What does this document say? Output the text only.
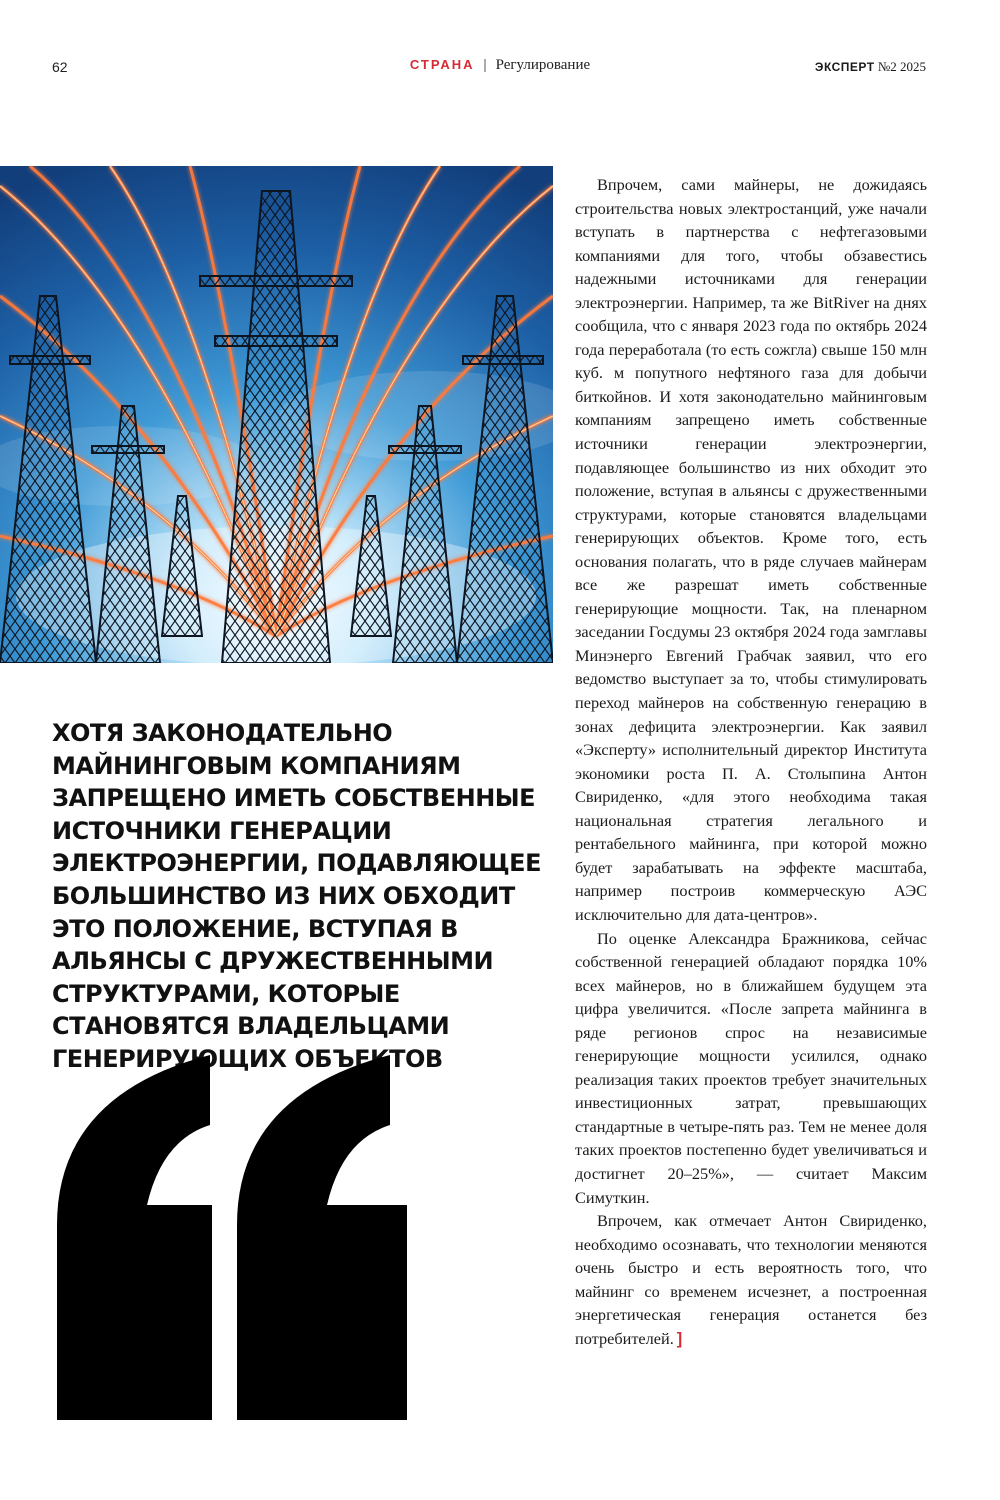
62	СТРАНА | Регулирование	ЭКСПЕРТ №2 2025
ХОТЯ ЗАКОНОДАТЕЛЬНО МАЙНИНГОВЫМ КОМПАНИЯМ ЗАПРЕЩЕНО ИМЕТЬ СОБСТВЕННЫЕ ИСТОЧНИКИ ГЕНЕРАЦИИ ЭЛЕКТРОЭНЕРГИИ, ПОДАВЛЯЮЩЕЕ БОЛЬШИНСТВО ИЗ НИХ ОБХОДИТ ЭТО ПОЛОЖЕНИЕ, ВСТУПАЯ В АЛЬЯНСЫ С ДРУЖЕСТВЕННЫМИ СТРУКТУРАМИ, КОТОРЫЕ СТАНОВЯТСЯ ВЛАДЕЛЬЦАМИ ГЕНЕРИРУЮЩИХ ОБЪЕКТОВ

Впрочем, сами майнеры, не дожидаясь строительства новых электростанций, уже начали вступать в партнерства с нефтегазовыми компаниями для того, чтобы обзавестись надежными источниками для генерации электроэнергии. Например, та же BitRiver на днях сообщила, что с января 2023 года по октябрь 2024 года переработала (то есть сожгла) свыше 150 млн куб. м попутного нефтяного газа для добычи биткойнов. И хотя законодательно майнинговым компаниям запрещено иметь собственные источники генерации электроэнергии, подавляющее большинство из них обходит это положение, вступая в альянсы с дружественными структурами, которые становятся владельцами генерирующих объектов. Кроме того, есть основания полагать, что в ряде случаев майнерам все же разрешат иметь собственные генерирующие мощности. Так, на пленарном заседании Госдумы 23 октября 2024 года замглавы Минэнерго Евгений Грабчак заявил, что его ведомство выступает за то, чтобы стимулировать переход майнеров на собственную генерацию в зонах дефицита электроэнергии. Как заявил «Эксперту» исполнительный директор Института экономики роста П. А. Столыпина Антон Свириденко, «для этого необходима такая национальная стратегия легального и рентабельного майнинга, при которой можно будет зарабатывать на эффекте масштаба, например построив коммерческую АЭС исключительно для дата-центров».

По оценке Александра Бражникова, сейчас собственной генерацией обладают порядка 10% всех майнеров, но в ближайшем будущем эта цифра увеличится. «После запрета майнинга в ряде регионов спрос на независимые генерирующие мощности усилился, однако реализация таких проектов требует значительных инвестиционных затрат, превышающих стандартные в четыре-пять раз. Тем не менее доля таких проектов постепенно будет увеличиваться и достигнет 20–25%», — считает Максим Симуткин.

Впрочем, как отмечает Антон Свириденко, необходимо осознавать, что технологии меняются очень быстро и есть вероятность того, что майнинг со временем исчезнет, а построенная энергетическая генерация останется без потребителей. ]
